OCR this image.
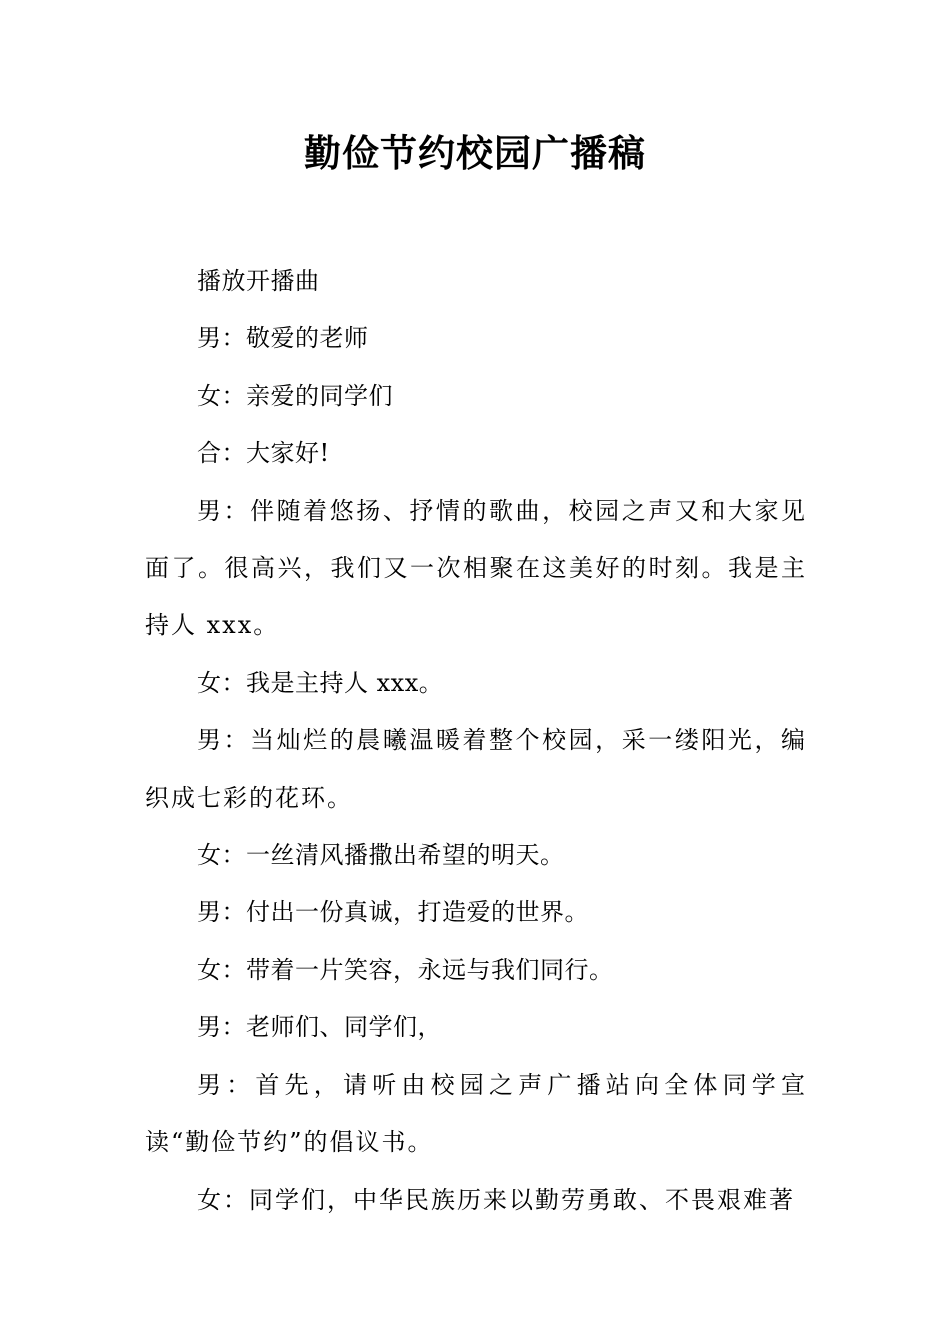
勤俭节约校园广播稿

播放开播曲

男：敬爱的老师

女：亲爱的同学们

合：大家好!

男：伴随着悠扬、抒情的歌曲，校园之声又和大家见面了。很高兴，我们又一次相聚在这美好的时刻。我是主持人 xxx。

女：我是主持人 xxx。

男：当灿烂的晨曦温暖着整个校园，采一缕阳光，编织成七彩的花环。

女：一丝清风播撒出希望的明天。

男：付出一份真诚，打造爱的世界。

女：带着一片笑容，永远与我们同行。

男：老师们、同学们，

男：首先，请听由校园之声广播站向全体同学宣读“勤俭节约”的倡议书。

女：同学们，中华民族历来以勤劳勇敢、不畏艰难著
